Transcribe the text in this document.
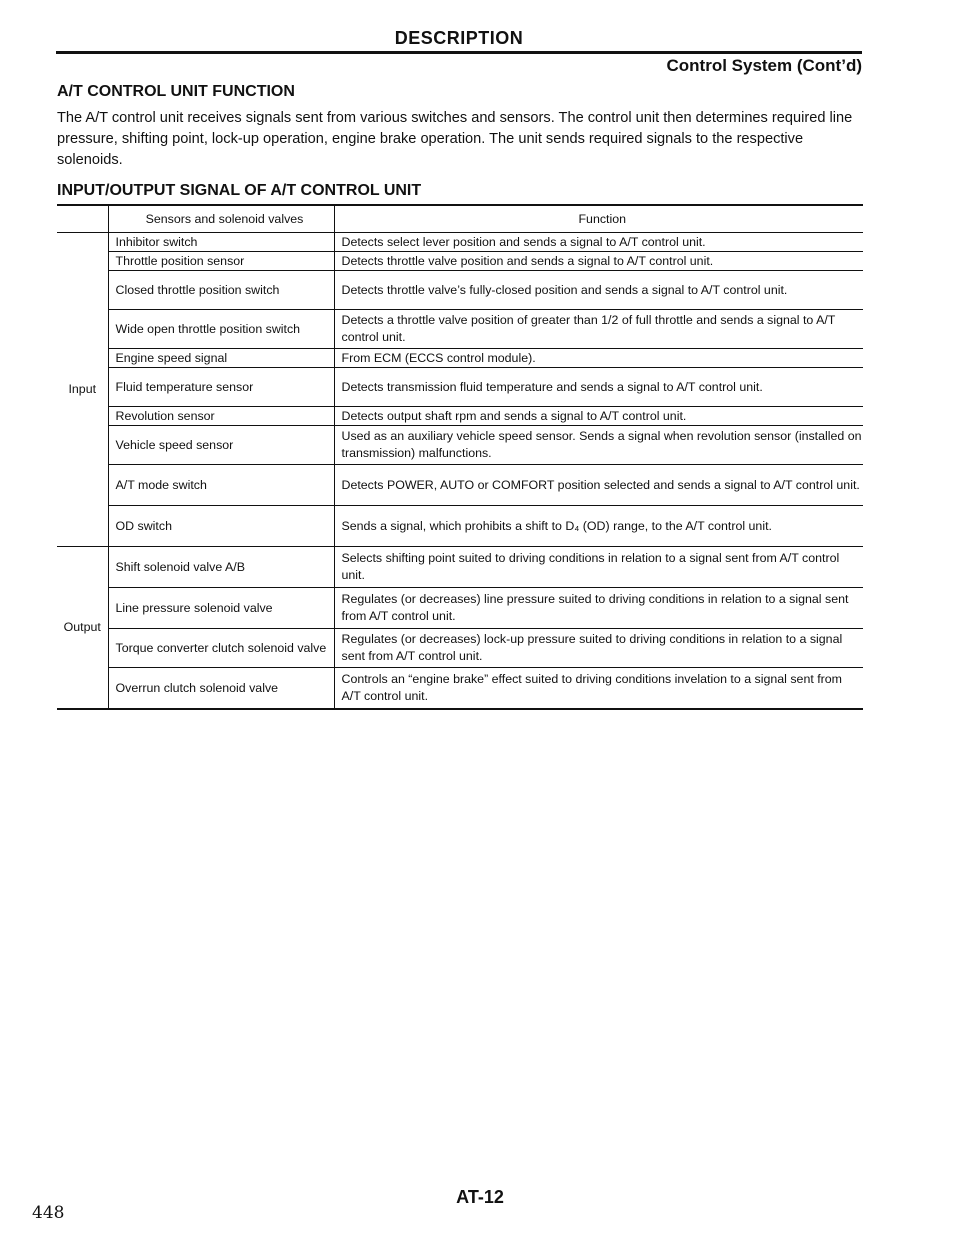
DESCRIPTION
Control System (Cont’d)
A/T CONTROL UNIT FUNCTION

The A/T control unit receives signals sent from various switches and sensors. The control unit then determines required line pressure, shifting point, lock-up operation, engine brake operation. The unit sends required signals to the respective solenoids.

INPUT/OUTPUT SIGNAL OF A/T CONTROL UNIT
	Sensors and solenoid valves	Function
Input	Inhibitor switch	Detects select lever position and sends a signal to A/T control unit.
	Throttle position sensor	Detects throttle valve position and sends a signal to A/T control unit.
	Closed throttle position switch	Detects throttle valve’s fully-closed position and sends a signal to A/T control unit.
	Wide open throttle position switch	Detects a throttle valve position of greater than 1/2 of full throttle and sends a signal to A/T control unit.
	Engine speed signal	From ECM (ECCS control module).
	Fluid temperature sensor	Detects transmission fluid temperature and sends a signal to A/T control unit.
	Revolution sensor	Detects output shaft rpm and sends a signal to A/T control unit.
	Vehicle speed sensor	Used as an auxiliary vehicle speed sensor. Sends a signal when revolution sensor (installed on transmission) malfunctions.
	A/T mode switch	Detects POWER, AUTO or COMFORT position selected and sends a signal to A/T control unit.
	OD switch	Sends a signal, which prohibits a shift to D₄ (OD) range, to the A/T control unit.
Output	Shift solenoid valve A/B	Selects shifting point suited to driving conditions in relation to a signal sent from A/T control unit.
	Line pressure solenoid valve	Regulates (or decreases) line pressure suited to driving conditions in relation to a signal sent from A/T control unit.
	Torque converter clutch solenoid valve	Regulates (or decreases) lock-up pressure suited to driving conditions in relation to a signal sent from A/T control unit.
	Overrun clutch solenoid valve	Controls an “engine brake” effect suited to driving conditions invelation to a signal sent from A/T control unit.
448
AT-12
